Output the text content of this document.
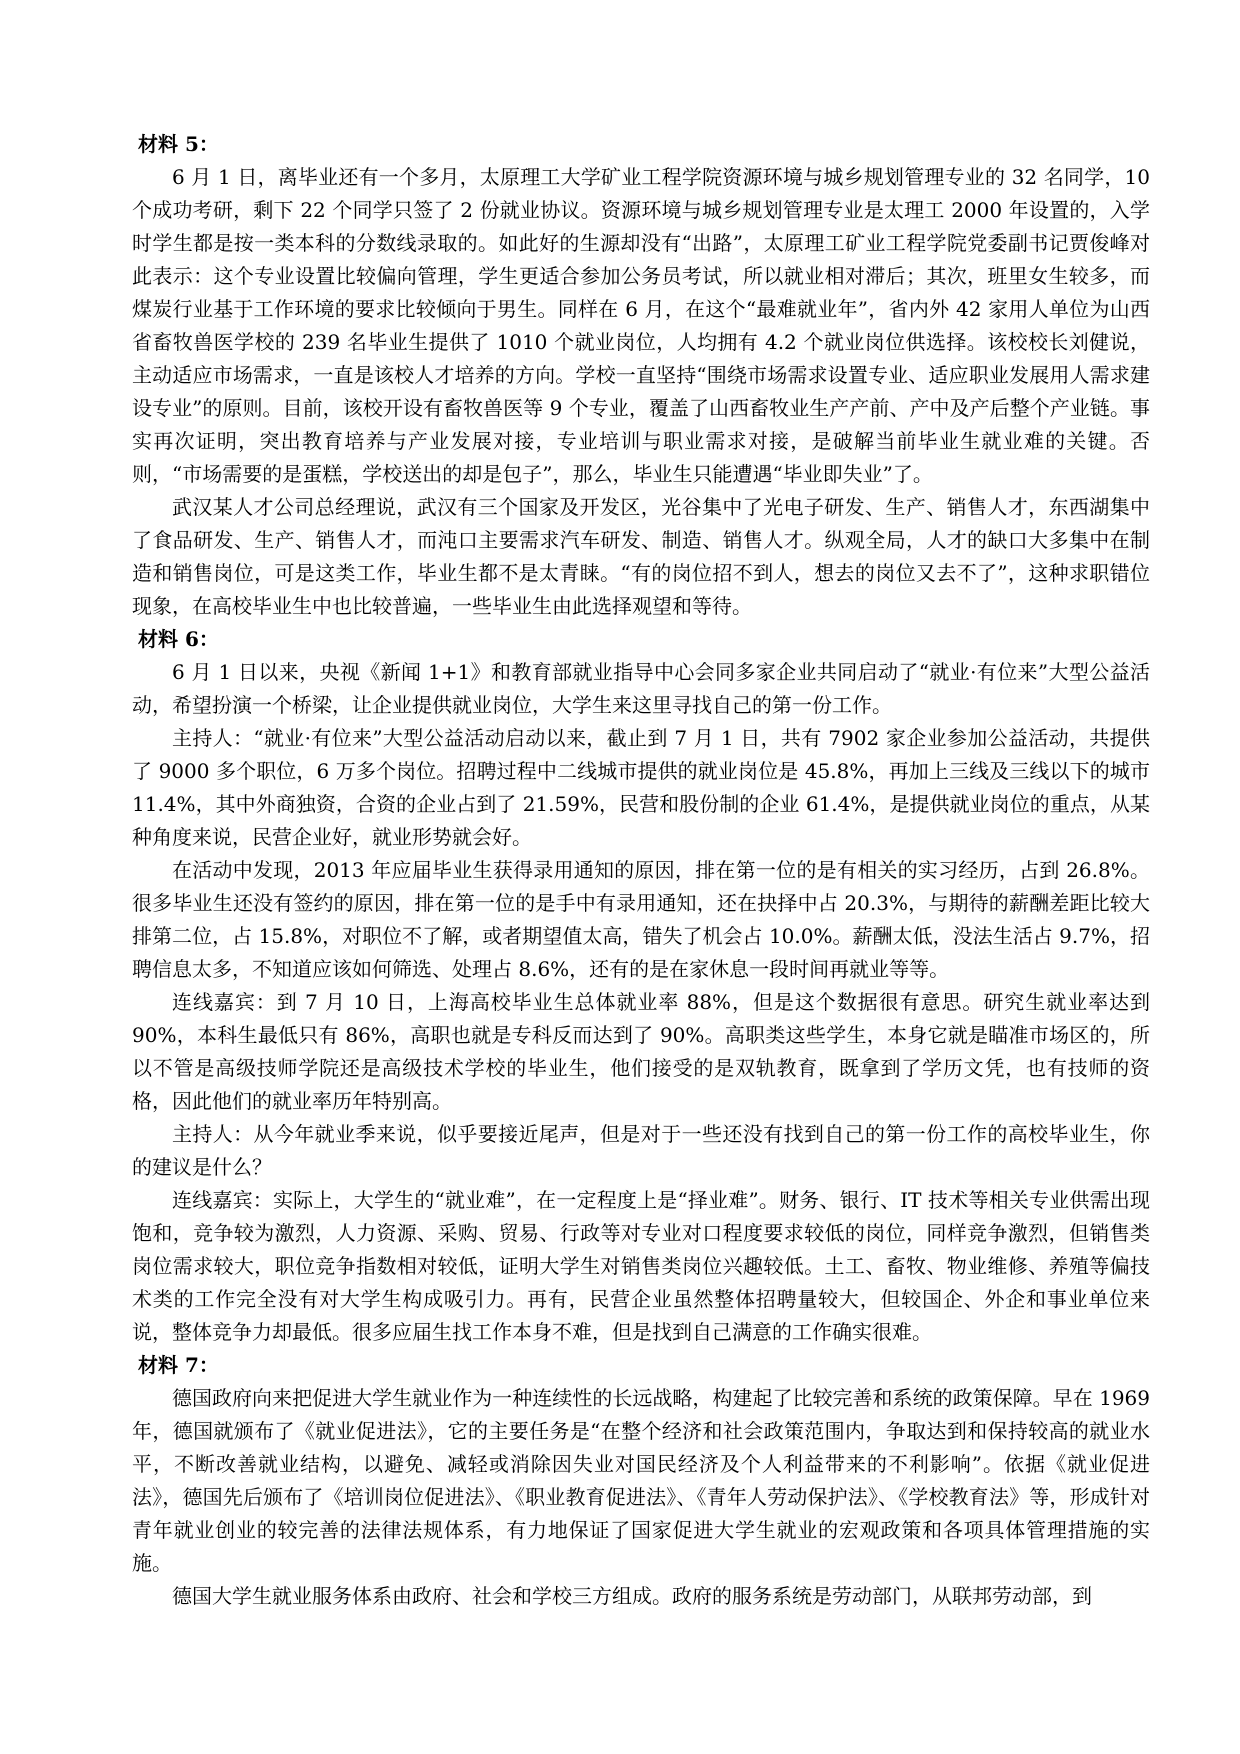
材料 5：

6 月 1 日，离毕业还有一个多月，太原理工大学矿业工程学院资源环境与城乡规划管理专业的 32 名同学，10 个成功考研，剩下 22 个同学只签了 2 份就业协议。资源环境与城乡规划管理专业是太理工 2000 年设置的，入学时学生都是按一类本科的分数线录取的。如此好的生源却没有“出路”，太原理工矿业工程学院党委副书记贾俊峰对此表示：这个专业设置比较偏向管理，学生更适合参加公务员考试，所以就业相对滞后；其次，班里女生较多，而煤炭行业基于工作环境的要求比较倾向于男生。同样在 6 月，在这个“最难就业年”，省内外 42 家用人单位为山西省畜牧兽医学校的 239 名毕业生提供了 1010 个就业岗位，人均拥有 4.2 个就业岗位供选择。该校校长刘健说，主动适应市场需求，一直是该校人才培养的方向。学校一直坚持“围绕市场需求设置专业、适应职业发展用人需求建设专业”的原则。目前，该校开设有畜牧兽医等 9 个专业，覆盖了山西畜牧业生产产前、产中及产后整个产业链。事实再次证明，突出教育培养与产业发展对接，专业培训与职业需求对接，是破解当前毕业生就业难的关键。否则，“市场需要的是蛋糕，学校送出的却是包子”，那么，毕业生只能遭遇“毕业即失业”了。

武汉某人才公司总经理说，武汉有三个国家及开发区，光谷集中了光电子研发、生产、销售人才，东西湖集中了食品研发、生产、销售人才，而沌口主要需求汽车研发、制造、销售人才。纵观全局，人才的缺口大多集中在制造和销售岗位，可是这类工作，毕业生都不是太青睐。“有的岗位招不到人，想去的岗位又去不了”，这种求职错位现象，在高校毕业生中也比较普遍，一些毕业生由此选择观望和等待。

材料 6：

6 月 1 日以来，央视《新闻 1+1》和教育部就业指导中心会同多家企业共同启动了“就业·有位来”大型公益活动，希望扮演一个桥梁，让企业提供就业岗位，大学生来这里寻找自己的第一份工作。

主持人：“就业·有位来”大型公益活动启动以来，截止到 7 月 1 日，共有 7902 家企业参加公益活动，共提供了 9000 多个职位，6 万多个岗位。招聘过程中二线城市提供的就业岗位是 45.8%，再加上三线及三线以下的城市 11.4%，其中外商独资，合资的企业占到了 21.59%，民营和股份制的企业 61.4%，是提供就业岗位的重点，从某种角度来说，民营企业好，就业形势就会好。

在活动中发现，2013 年应届毕业生获得录用通知的原因，排在第一位的是有相关的实习经历，占到 26.8%。很多毕业生还没有签约的原因，排在第一位的是手中有录用通知，还在抉择中占 20.3%，与期待的薪酬差距比较大排第二位，占 15.8%，对职位不了解，或者期望值太高，错失了机会占 10.0%。薪酬太低，没法生活占 9.7%，招聘信息太多，不知道应该如何筛选、处理占 8.6%，还有的是在家休息一段时间再就业等等。

连线嘉宾：到 7 月 10 日，上海高校毕业生总体就业率 88%，但是这个数据很有意思。研究生就业率达到 90%，本科生最低只有 86%，高职也就是专科反而达到了 90%。高职类这些学生，本身它就是瞄准市场区的，所以不管是高级技师学院还是高级技术学校的毕业生，他们接受的是双轨教育，既拿到了学历文凭，也有技师的资格，因此他们的就业率历年特别高。

主持人：从今年就业季来说，似乎要接近尾声，但是对于一些还没有找到自己的第一份工作的高校毕业生，你的建议是什么？

连线嘉宾：实际上，大学生的“就业难”，在一定程度上是“择业难”。财务、银行、IT 技术等相关专业供需出现饱和，竞争较为激烈，人力资源、采购、贸易、行政等对专业对口程度要求较低的岗位，同样竞争激烈，但销售类岗位需求较大，职位竞争指数相对较低，证明大学生对销售类岗位兴趣较低。土工、畜牧、物业维修、养殖等偏技术类的工作完全没有对大学生构成吸引力。再有，民营企业虽然整体招聘量较大，但较国企、外企和事业单位来说，整体竞争力却最低。很多应届生找工作本身不难，但是找到自己满意的工作确实很难。

材料 7：

德国政府向来把促进大学生就业作为一种连续性的长远战略，构建起了比较完善和系统的政策保障。早在 1969 年，德国就颁布了《就业促进法》，它的主要任务是“在整个经济和社会政策范围内，争取达到和保持较高的就业水平，不断改善就业结构，以避免、减轻或消除因失业对国民经济及个人利益带来的不利影响”。依据《就业促进法》，德国先后颁布了《培训岗位促进法》、《职业教育促进法》、《青年人劳动保护法》、《学校教育法》等，形成针对青年就业创业的较完善的法律法规体系，有力地保证了国家促进大学生就业的宏观政策和各项具体管理措施的实施。

德国大学生就业服务体系由政府、社会和学校三方组成。政府的服务系统是劳动部门，从联邦劳动部，到
